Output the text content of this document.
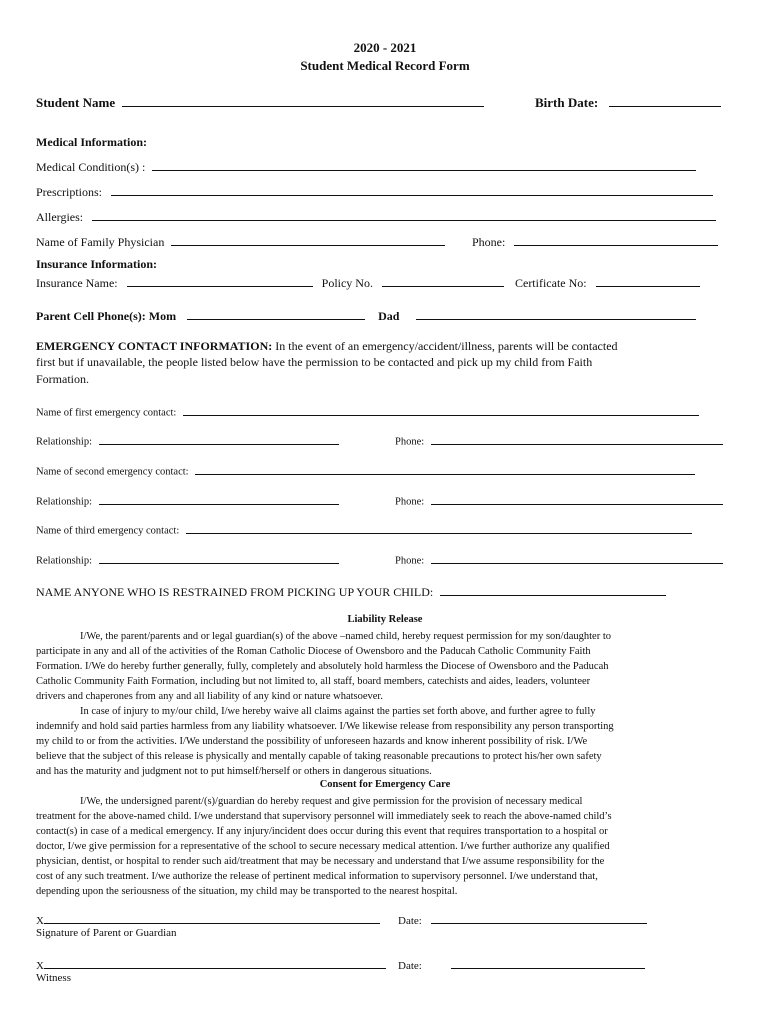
2020 - 2021
Student Medical Record Form
Student Name	Birth Date:
Medical Information:
Medical Condition(s) :
Prescriptions:
Allergies:
Name of Family Physician	Phone:
Insurance Information:
Insurance Name:	Policy No.	Certificate No:
Parent Cell Phone(s): Mom	Dad
EMERGENCY CONTACT INFORMATION: In the event of an emergency/accident/illness, parents will be contacted
first but if unavailable, the people listed below have the permission to be contacted and pick up my child from Faith
Formation.
Name of first emergency contact:
Relationship:	Phone:
Name of second emergency contact:
Relationship:	Phone:
Name of third emergency contact:
Relationship:	Phone:
NAME ANYONE WHO IS RESTRAINED FROM PICKING UP YOUR CHILD:
Liability Release
I/We, the parent/parents and or legal guardian(s) of the above –named child, hereby request permission for my son/daughter to
participate in any and all of the activities of the Roman Catholic Diocese of Owensboro and the Paducah Catholic Community Faith
Formation. I/We do hereby further generally, fully, completely and absolutely hold harmless the Diocese of Owensboro and the Paducah
Catholic Community Faith Formation, including but not limited to, all staff, board members, catechists and aides, leaders, volunteer
drivers and chaperones from any and all liability of any kind or nature whatsoever.
In case of injury to my/our child, I/we hereby waive all claims against the parties set forth above, and further agree to fully
indemnify and hold said parties harmless from any liability whatsoever. I/We likewise release from responsibility any person transporting
my child to or from the activities. I/We understand the possibility of unforeseen hazards and know inherent possibility of risk. I/We
believe that the subject of this release is physically and mentally capable of taking reasonable precautions to protect his/her own safety
and has the maturity and judgment not to put himself/herself or others in dangerous situations.
Consent for Emergency Care
I/We, the undersigned parent/(s)/guardian do hereby request and give permission for the provision of necessary medical
treatment for the above-named child. I/we understand that supervisory personnel will immediately seek to reach the above-named child’s
contact(s) in case of a medical emergency. If any injury/incident does occur during this event that requires transportation to a hospital or
doctor, I/we give permission for a representative of the school to secure necessary medical attention. I/we further authorize any qualified
physician, dentist, or hospital to render such aid/treatment that may be necessary and understand that I/we assume responsibility for the
cost of any such treatment. I/we authorize the release of pertinent medical information to supervisory personnel. I/we understand that,
depending upon the seriousness of the situation, my child may be transported to the nearest hospital.
X	Date:
Signature of Parent or Guardian
X	Date:
Witness
